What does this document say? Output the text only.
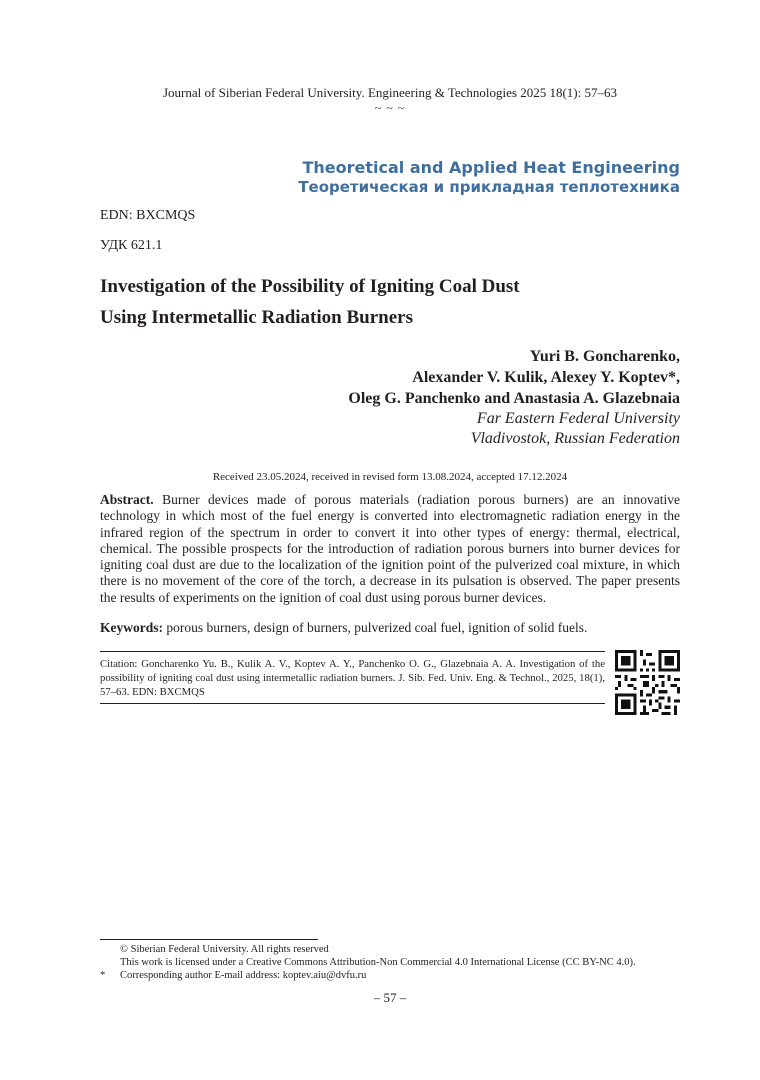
Journal of Siberian Federal University. Engineering & Technologies 2025 18(1): 57–63
~ ~ ~
Theoretical and Applied Heat Engineering
Теоретическая и прикладная теплотехника
EDN: BXCMQS
УДК 621.1
Investigation of the Possibility of Igniting Coal Dust
Using Intermetallic Radiation Burners
Yuri B. Goncharenko,
Alexander V. Kulik, Alexey Y. Koptev*,
Oleg G. Panchenko and Anastasia A. Glazebnaia
Far Eastern Federal University
Vladivostok, Russian Federation
Received 23.05.2024, received in revised form 13.08.2024, accepted 17.12.2024
Abstract. Burner devices made of porous materials (radiation porous burners) are an innovative technology in which most of the fuel energy is converted into electromagnetic radiation energy in the infrared region of the spectrum in order to convert it into other types of energy: thermal, electrical, chemical. The possible prospects for the introduction of radiation porous burners into burner devices for igniting coal dust are due to the localization of the ignition point of the pulverized coal mixture, in which there is no movement of the core of the torch, a decrease in its pulsation is observed. The paper presents the results of experiments on the ignition of coal dust using porous burner devices.
Keywords: porous burners, design of burners, pulverized coal fuel, ignition of solid fuels.
Citation: Goncharenko Yu. B., Kulik A. V., Koptev A. Y., Panchenko O. G., Glazebnaia A. A. Investigation of the possibility of igniting coal dust using intermetallic radiation burners. J. Sib. Fed. Univ. Eng. & Technol., 2025, 18(1), 57–63. EDN: BXCMQS
© Siberian Federal University. All rights reserved
This work is licensed under a Creative Commons Attribution-Non Commercial 4.0 International License (CC BY-NC 4.0).
* Corresponding author E-mail address: koptev.aiu@dvfu.ru
– 57 –
